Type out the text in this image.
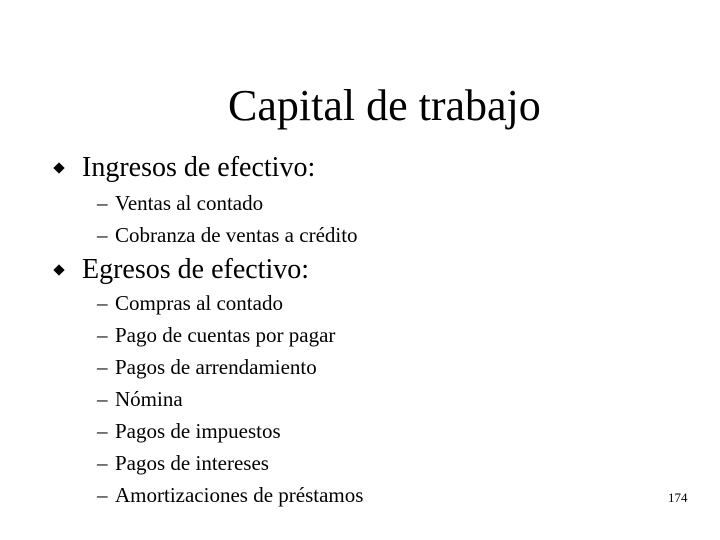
Capital de trabajo
Ingresos de efectivo:
– Ventas al contado
– Cobranza de ventas a crédito
Egresos de efectivo:
– Compras al contado
– Pago de cuentas por pagar
– Pagos de arrendamiento
– Nómina
– Pagos de impuestos
– Pagos de intereses
– Amortizaciones de préstamos	174
